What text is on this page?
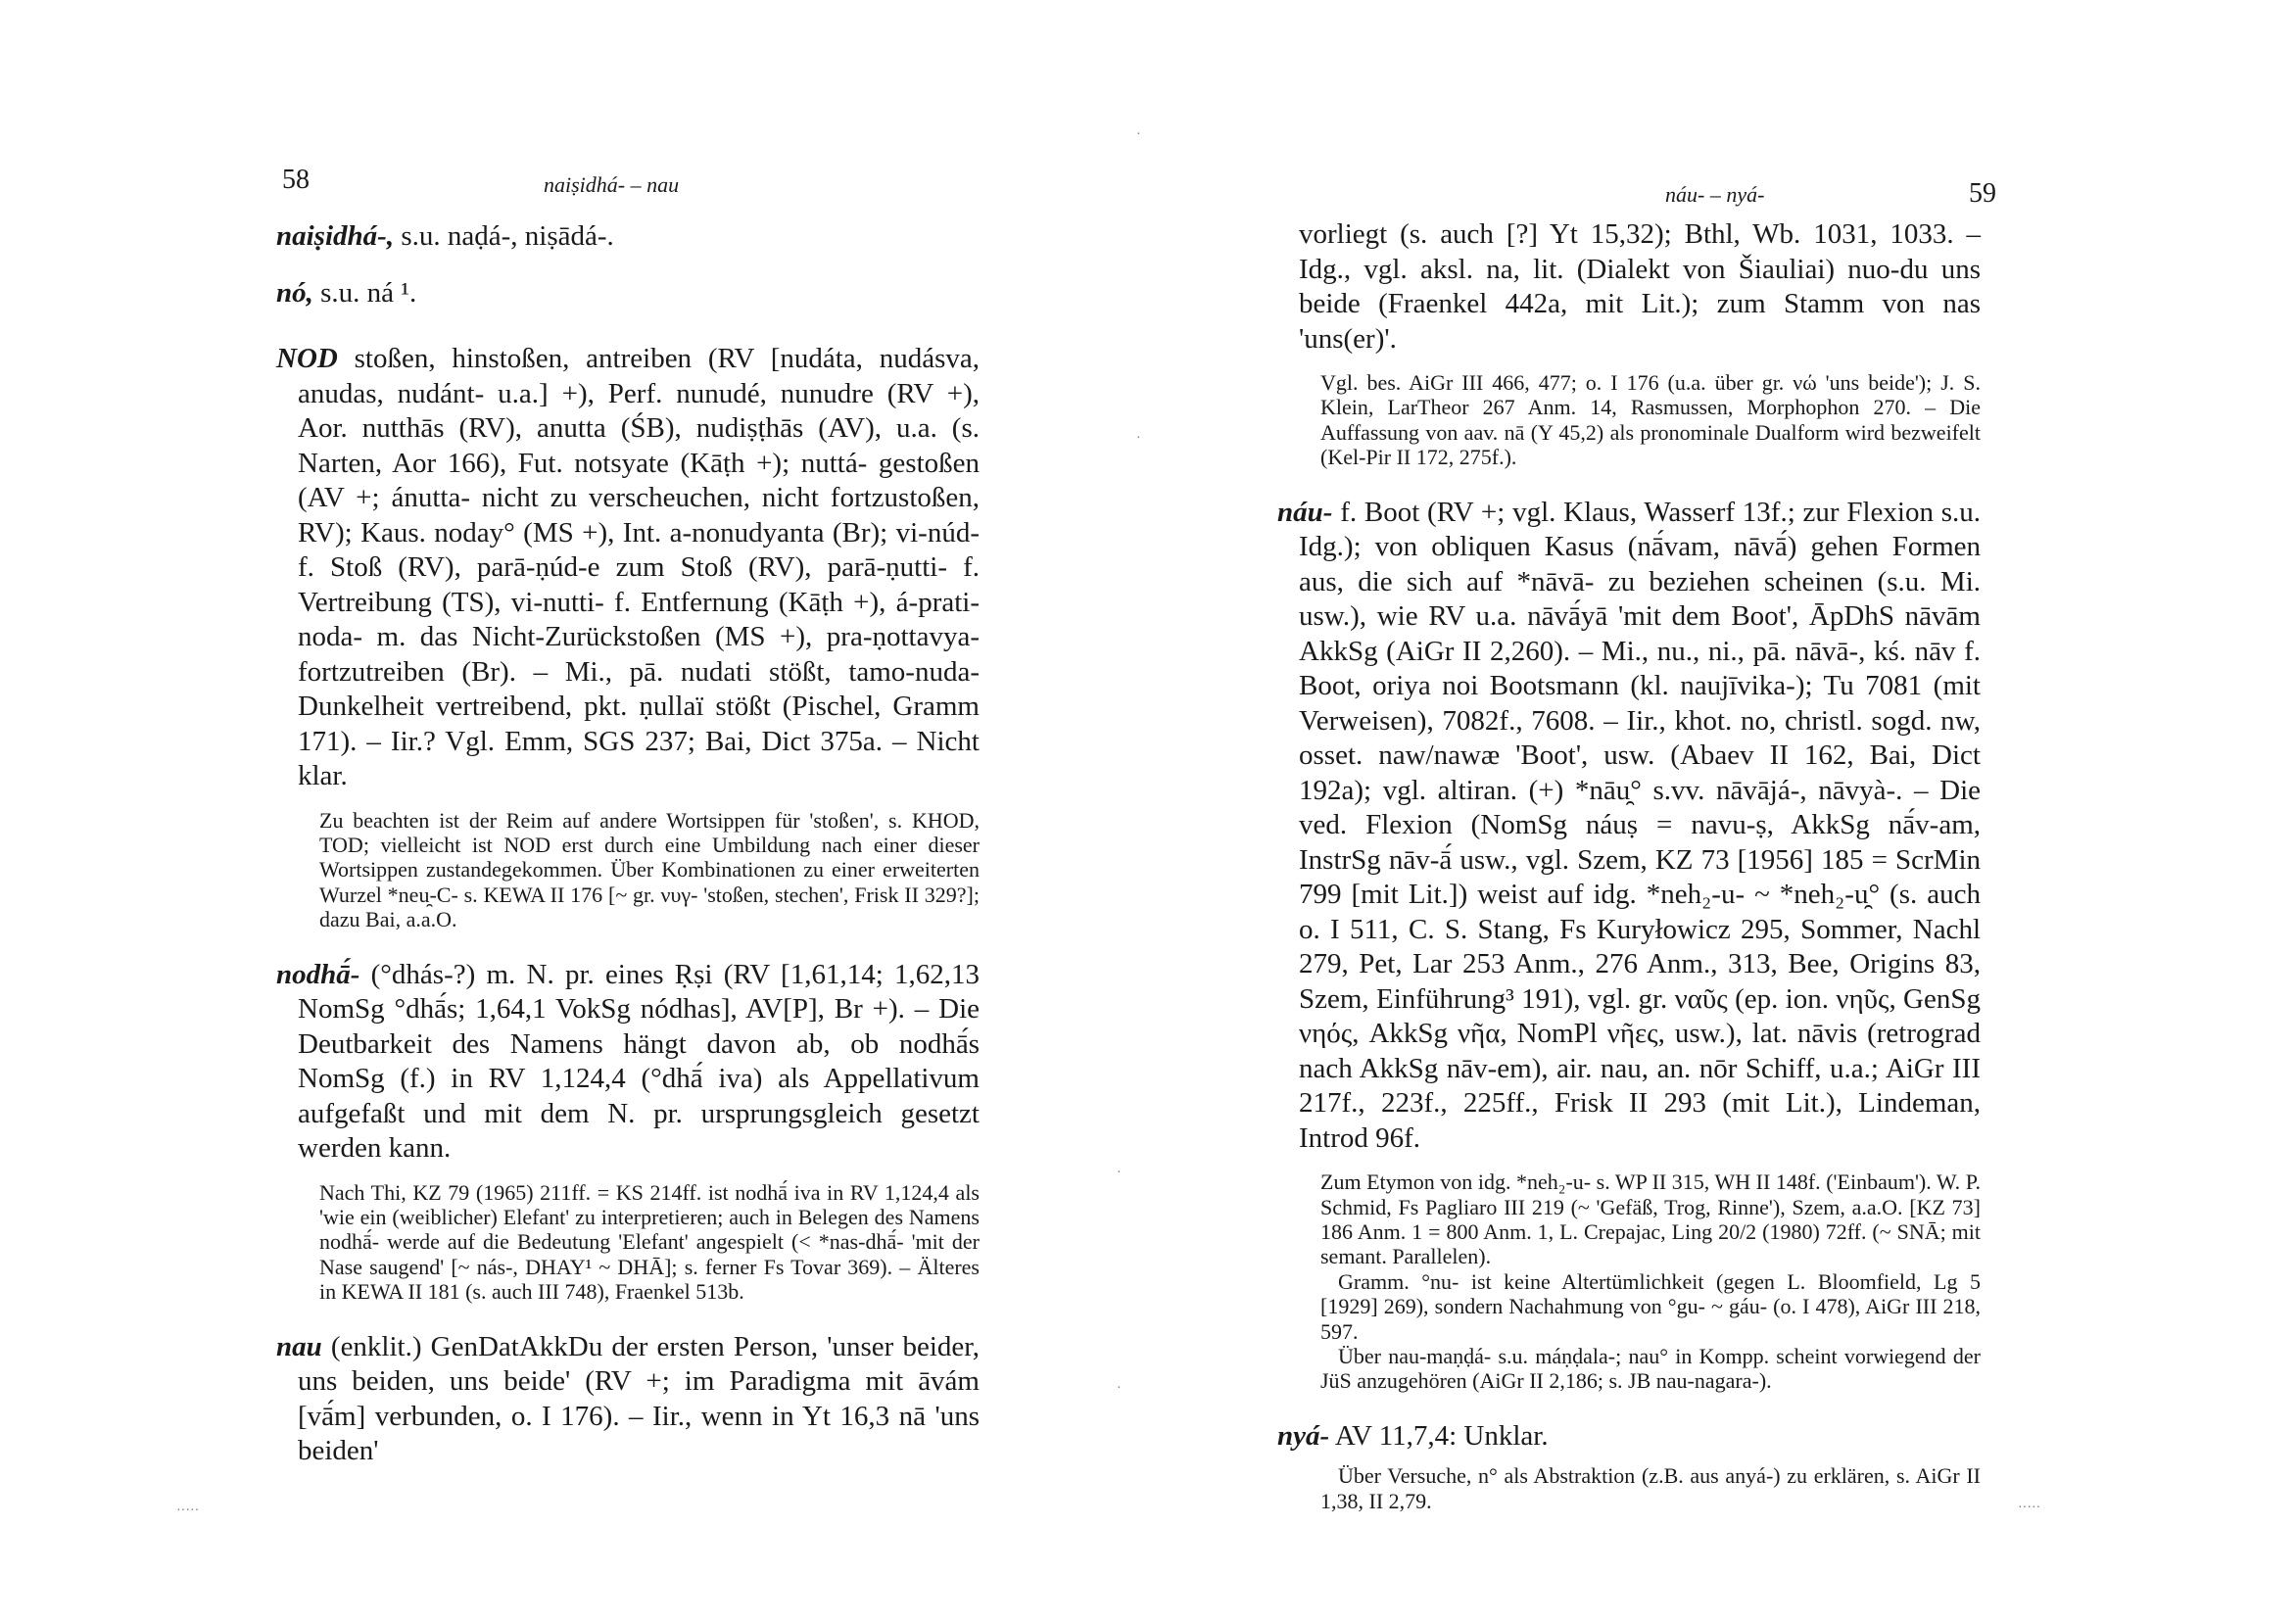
58	naiṣidhá- – nau

naiṣidhá-, s.u. naḍá-, niṣādá-.

nó, s.u. ná ¹.

NOD stoßen, hinstoßen, antreiben (RV [nudáta, nudásva, anudas, nudánt- u.a.] +), Perf. nunudé, nunudre (RV +), Aor. nutthās (RV), anutta (ŚB), nudiṣṭhās (AV), u.a. (s. Narten, Aor 166), Fut. notsyate (Kāṭh +); nuttá- gestoßen (AV +; ánutta- nicht zu verscheuchen, nicht fortzustoßen, RV); Kaus. noday° (MS +), Int. a-nonudyanta (Br); vi-núd- f. Stoß (RV), parā-ṇúd-e zum Stoß (RV), parā-ṇutti- f. Vertreibung (TS), vi-nutti- f. Entfernung (Kāṭh +), á-prati-noda- m. das Nicht-Zurückstoßen (MS +), pra-ṇottavya- fortzutreiben (Br). – Mi., pā. nudati stößt, tamo-nuda- Dunkelheit vertreibend, pkt. ṇullaï stößt (Pischel, Gramm 171). – Iir.? Vgl. Emm, SGS 237; Bai, Dict 375a. – Nicht klar.

Zu beachten ist der Reim auf andere Wortsippen für 'stoßen', s. KHOD, TOD; vielleicht ist NOD erst durch eine Umbildung nach einer dieser Wortsippen zustandegekommen. Über Kombinationen zu einer erweiterten Wurzel *neu̯-C- s. KEWA II 176 [~ gr. νυγ- 'stoßen, stechen', Frisk II 329?]; dazu Bai, a.a.O.

nodhā́- (°dhás-?) m. N. pr. eines Ṛṣi (RV [1,61,14; 1,62,13 NomSg °dhā́s; 1,64,1 VokSg nódhas], AV[P], Br +). – Die Deutbarkeit des Namens hängt davon ab, ob nodhā́s NomSg (f.) in RV 1,124,4 (°dhā́ iva) als Appellativum aufgefaßt und mit dem N. pr. ursprungsgleich gesetzt werden kann.

Nach Thi, KZ 79 (1965) 211ff. = KS 214ff. ist nodhā́ iva in RV 1,124,4 als 'wie ein (weiblicher) Elefant' zu interpretieren; auch in Belegen des Namens nodhā́- werde auf die Bedeutung 'Elefant' angespielt (< *nas-dhā́- 'mit der Nase saugend' [~ nás-, DHAY¹ ~ DHĀ]; s. ferner Fs Tovar 369). – Älteres in KEWA II 181 (s. auch III 748), Fraenkel 513b.

nau (enklit.) GenDatAkkDu der ersten Person, 'unser beider, uns beiden, uns beide' (RV +; im Paradigma mit āvám [vā́m] verbunden, o. I 176). – Iir., wenn in Yt 16,3 nā 'uns beiden'

náu- – nyá-	59

vorliegt (s. auch [?] Yt 15,32); Bthl, Wb. 1031, 1033. – Idg., vgl. aksl. na, lit. (Dialekt von Šiauliai) nuo-du uns beide (Fraenkel 442a, mit Lit.); zum Stamm von nas 'uns(er)'.

Vgl. bes. AiGr III 466, 477; o. I 176 (u.a. über gr. νώ 'uns beide'); J. S. Klein, LarTheor 267 Anm. 14, Rasmussen, Morphophon 270. – Die Auffassung von aav. nā (Y 45,2) als pronominale Dualform wird bezweifelt (Kel-Pir II 172, 275f.).

náu- f. Boot (RV +; vgl. Klaus, Wasserf 13f.; zur Flexion s.u. Idg.); von obliquen Kasus (nā́vam, nāvā́) gehen Formen aus, die sich auf *nāvā- zu beziehen scheinen (s.u. Mi. usw.), wie RV u.a. nāvā́yā 'mit dem Boot', ĀpDhS nāvām AkkSg (AiGr II 2,260). – Mi., nu., ni., pā. nāvā-, kś. nāv f. Boot, oriya noi Bootsmann (kl. naujīvika-); Tu 7081 (mit Verweisen), 7082f., 7608. – Iir., khot. no, christl. sogd. nw, osset. naw/nawæ 'Boot', usw. (Abaev II 162, Bai, Dict 192a); vgl. altiran. (+) *nāu̯° s.vv. nāvājá-, nāvyà-. – Die ved. Flexion (NomSg náuṣ = navu-ṣ, AkkSg nā́v-am, InstrSg nāv-ā́ usw., vgl. Szem, KZ 73 [1956] 185 = ScrMin 799 [mit Lit.]) weist auf idg. *neh₂-u- ~ *neh₂-u̯° (s. auch o. I 511, C. S. Stang, Fs Kuryłowicz 295, Sommer, Nachl 279, Pet, Lar 253 Anm., 276 Anm., 313, Bee, Origins 83, Szem, Einführung³ 191), vgl. gr. ναῦς (ep. ion. νηῦς, GenSg νηός, AkkSg νῆα, NomPl νῆες, usw.), lat. nāvis (retrograd nach AkkSg nāv-em), air. nau, an. nōr Schiff, u.a.; AiGr III 217f., 223f., 225ff., Frisk II 293 (mit Lit.), Lindeman, Introd 96f.

Zum Etymon von idg. *neh₂-u- s. WP II 315, WH II 148f. ('Einbaum'). W. P. Schmid, Fs Pagliaro III 219 (~ 'Gefäß, Trog, Rinne'), Szem, a.a.O. [KZ 73] 186 Anm. 1 = 800 Anm. 1, L. Crepajac, Ling 20/2 (1980) 72ff. (~ SNĀ; mit semant. Parallelen).

Gramm. °nu- ist keine Altertümlichkeit (gegen L. Bloomfield, Lg 5 [1929] 269), sondern Nachahmung von °gu- ~ gáu- (o. I 478), AiGr III 218, 597.

Über nau-maṇḍá- s.u. máṇḍala-; nau° in Kompp. scheint vorwiegend der JüS anzugehören (AiGr II 2,186; s. JB nau-nagara-).

nyá- AV 11,7,4: Unklar.

Über Versuche, n° als Abstraktion (z.B. aus anyá-) zu erklären, s. AiGr II 1,38, II 2,79.

·
·
·
·
·····	·····
